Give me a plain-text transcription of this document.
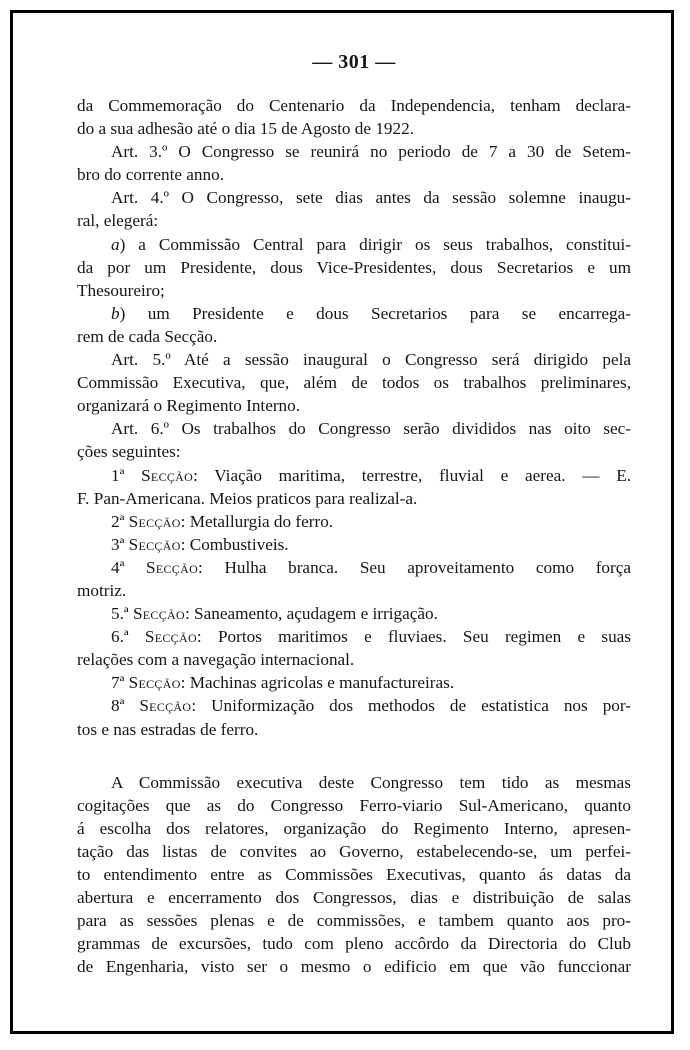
— 301 —
da Commemoração do Centenario da Independencia, tenham declara-
do a sua adhesão até o dia 15 de Agosto de 1922.
Art. 3.º O Congresso se reunirá no periodo de 7 a 30 de Setem-
bro do corrente anno.
Art. 4.º O Congresso, sete dias antes da sessão solemne inaugu-
ral, elegerá:
a) a Commissão Central para dirigir os seus trabalhos, constitui-
da por um Presidente, dous Vice-Presidentes, dous Secretarios e um
Thesoureiro;
b) um Presidente e dous Secretarios para se encarrega-
rem de cada Secção.
Art. 5.º Até a sessão inaugural o Congresso será dirigido pela
Commissão Executiva, que, além de todos os trabalhos preliminares,
organizará o Regimento Interno.
Art. 6.º Os trabalhos do Congresso serão divididos nas oito sec-
ções seguintes:
1ª Secção: Viação maritima, terrestre, fluvial e aerea. — E.
F. Pan-Americana. Meios praticos para realizal-a.
2ª Secção: Metallurgia do ferro.
3ª Secção: Combustiveis.
4ª Secção: Hulha branca. Seu aproveitamento como força
motriz.
5.ª Secção: Saneamento, açudagem e irrigação.
6.ª Secção: Portos maritimos e fluviaes. Seu regimen e suas
relações com a navegação internacional.
7ª Secção: Machinas agricolas e manufactureiras.
8ª Secção: Uniformização dos methodos de estatistica nos por-
tos e nas estradas de ferro.
A Commissão executiva deste Congresso tem tido as mesmas
cogitações que as do Congresso Ferro-viario Sul-Americano, quanto
á escolha dos relatores, organização do Regimento Interno, apresen-
tação das listas de convites ao Governo, estabelecendo-se, um perfei-
to entendimento entre as Commissões Executivas, quanto ás datas da
abertura e encerramento dos Congressos, dias e distribuição de salas
para as sessões plenas e de commissões, e tambem quanto aos pro-
grammas de excursões, tudo com pleno accôrdo da Directoria do Club
de Engenharia, visto ser o mesmo o edificio em que vão funccionar
